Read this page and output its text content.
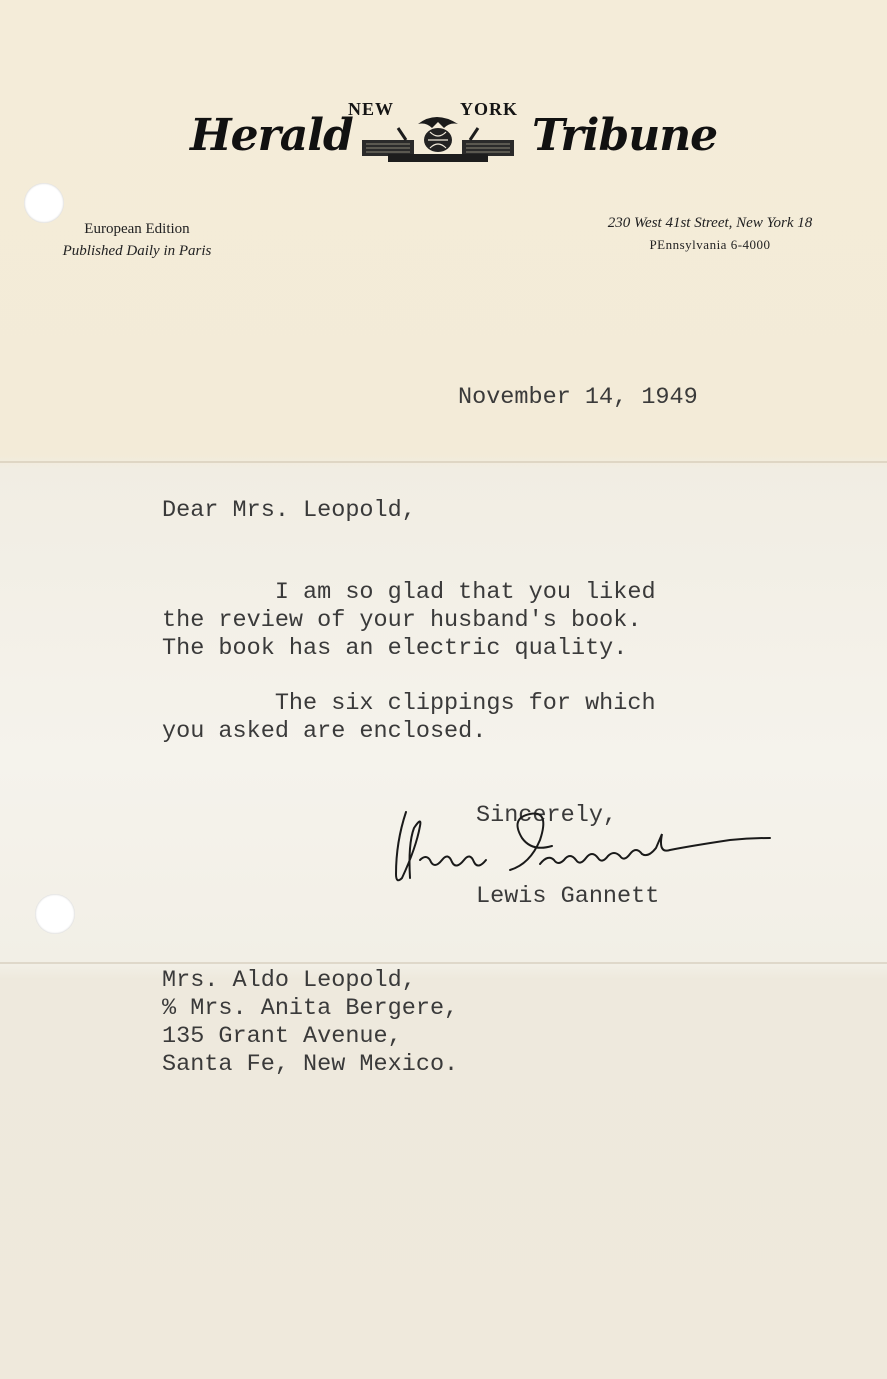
NEW	YORK
Herald	Tribune
European Edition
Published Daily in Paris
230 West 41st Street, New York 18
PEnnsylvania 6-4000
November 14, 1949
Dear Mrs. Leopold,
I am so glad that you liked
the review of your husband's book.
The book has an electric quality.
The six clippings for which
you asked are enclosed.
Sincerely,
Lewis Gannett
Mrs. Aldo Leopold,
% Mrs. Anita Bergere,
135 Grant Avenue,
Santa Fe, New Mexico.
